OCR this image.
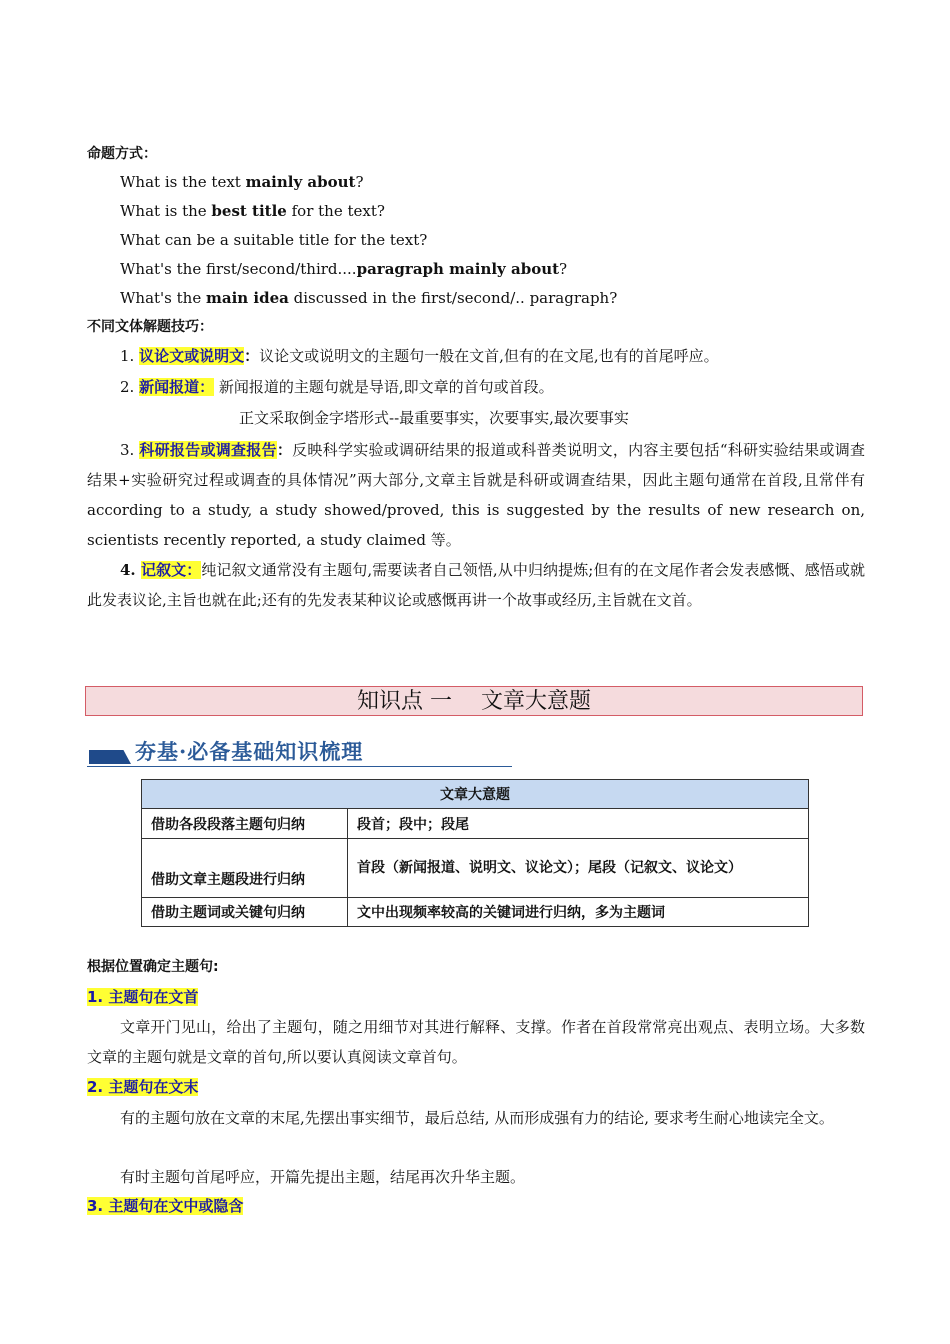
命题方式：
What is the text mainly about?
What is the best title for the text?
What can be a suitable title for the text?
What's the first/second/third....paragraph mainly about?
What's the main idea discussed in the first/second/.. paragraph?
不同文体解题技巧：
1. 议论文或说明文：议论文或说明文的主题句一般在文首,但有的在文尾,也有的首尾呼应。
2. 新闻报道： 新闻报道的主题句就是导语,即文章的首句或首段。
正文采取倒金字塔形式--最重要事实，次要事实,最次要事实
3. 科研报告或调查报告：反映科学实验或调研结果的报道或科普类说明文，内容主要包括“科研实验结果或调查结果+实验研究过程或调查的具体情况”两大部分,文章主旨就是科研或调查结果，因此主题句通常在首段,且常伴有 according to a study, a study showed/proved, this is suggested by the results of new research on, scientists recently reported, a study claimed 等。
4. 记叙文：纯记叙文通常没有主题句,需要读者自己领悟,从中归纳提炼;但有的在文尾作者会发表感慨、感悟或就此发表议论,主旨也就在此;还有的先发表某种议论或感慨再讲一个故事或经历,主旨就在文首。
知识点 一　 文章大意题
夯基·必备基础知识梳理
文章大意题	
借助各段段落主题句归纳	段首；段中；段尾
借助文章主题段进行归纳	首段（新闻报道、说明文、议论文）；尾段（记叙文、议论文）
借助主题词或关键句归纳	文中出现频率较高的关键词进行归纳，多为主题词
根据位置确定主题句:
1. 主题句在文首
文章开门见山，给出了主题句，随之用细节对其进行解释、支撑。作者在首段常常亮出观点、表明立场。大多数文章的主题句就是文章的首句,所以要认真阅读文章首句。
2. 主题句在文末
有的主题句放在文章的末尾,先摆出事实细节，最后总结, 从而形成强有力的结论, 要求考生耐心地读完全文。
有时主题句首尾呼应，开篇先提出主题，结尾再次升华主题。
3. 主题句在文中或隐含
